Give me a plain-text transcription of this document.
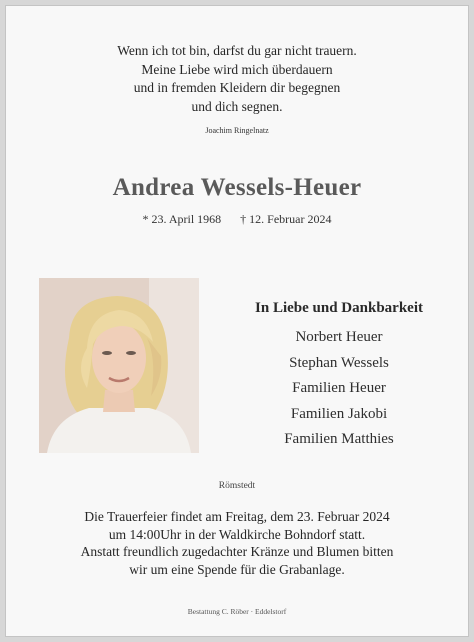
Wenn ich tot bin, darfst du gar nicht trauern.
Meine Liebe wird mich überdauern
und in fremden Kleidern dir begegnen
und dich segnen.
Joachim Ringelnatz
Andrea Wessels-Heuer
* 23. April 1968 † 12. Februar 2024
In Liebe und Dankbarkeit
Norbert Heuer
Stephan Wessels
Familien Heuer
Familien Jakobi
Familien Matthies
Römstedt
Die Trauerfeier findet am Freitag, dem 23. Februar 2024
um 14:00Uhr in der Waldkirche Bohndorf statt.
Anstatt freundlich zugedachter Kränze und Blumen bitten
wir um eine Spende für die Grabanlage.
Bestattung C. Röber · Eddelstorf
